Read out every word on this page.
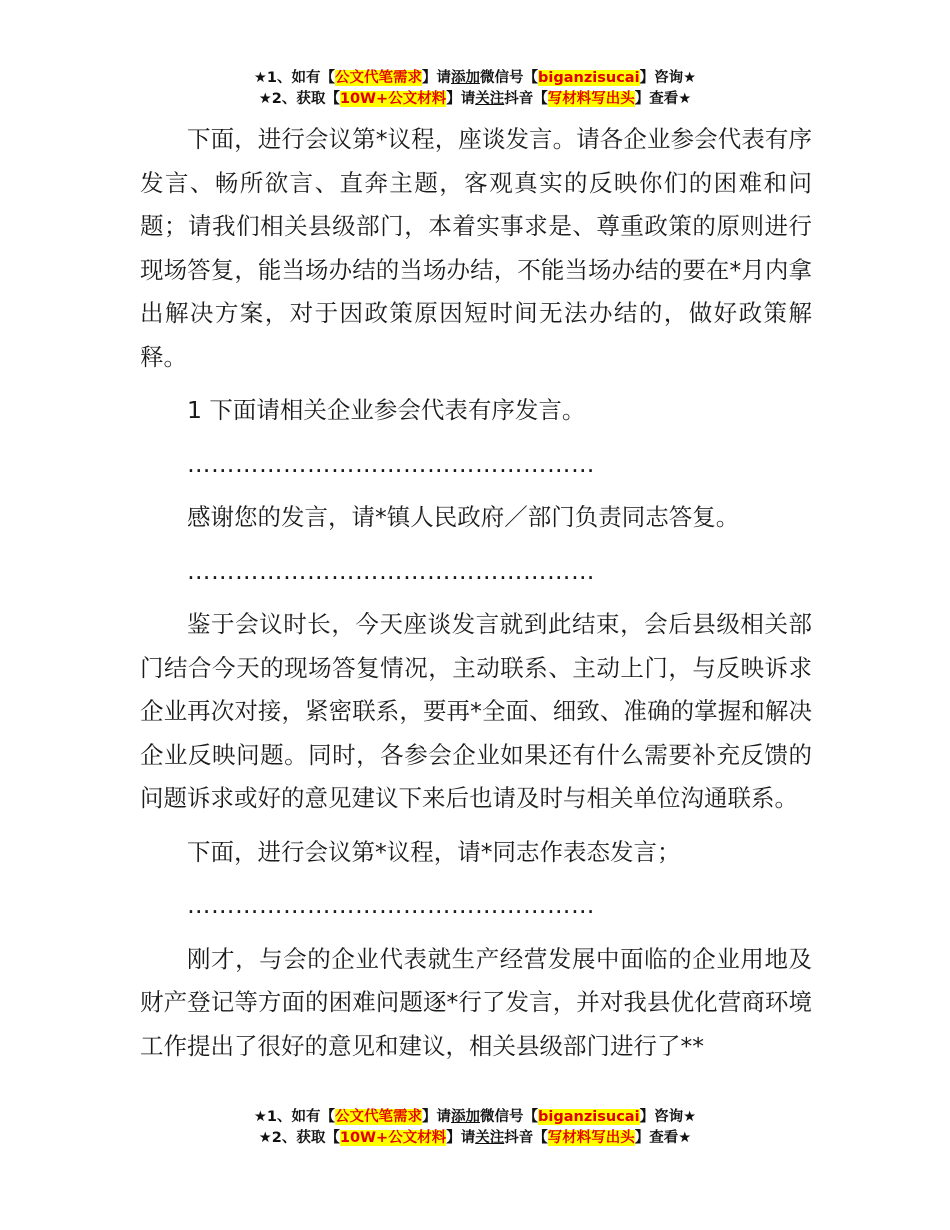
★1、如有【公文代笔需求】请添加微信号【biganzisucai】咨询★
★2、获取【10W+公文材料】请关注抖音【写材料写出头】查看★

下面，进行会议第*议程，座谈发言。请各企业参会代表有序发言、畅所欲言、直奔主题，客观真实的反映你们的困难和问题；请我们相关县级部门，本着实事求是、尊重政策的原则进行现场答复，能当场办结的当场办结，不能当场办结的要在*月内拿出解决方案，对于因政策原因短时间无法办结的，做好政策解释。

1 下面请相关企业参会代表有序发言。

……………………………………………

感谢您的发言，请*镇人民政府／部门负责同志答复。

……………………………………………

鉴于会议时长，今天座谈发言就到此结束，会后县级相关部门结合今天的现场答复情况，主动联系、主动上门，与反映诉求企业再次对接，紧密联系，要再*全面、细致、准确的掌握和解决企业反映问题。同时，各参会企业如果还有什么需要补充反馈的问题诉求或好的意见建议下来后也请及时与相关单位沟通联系。

下面，进行会议第*议程，请*同志作表态发言；

……………………………………………

刚才，与会的企业代表就生产经营发展中面临的企业用地及财产登记等方面的困难问题逐*行了发言，并对我县优化营商环境工作提出了很好的意见和建议，相关县级部门进行了**

★1、如有【公文代笔需求】请添加微信号【biganzisucai】咨询★
★2、获取【10W+公文材料】请关注抖音【写材料写出头】查看★
